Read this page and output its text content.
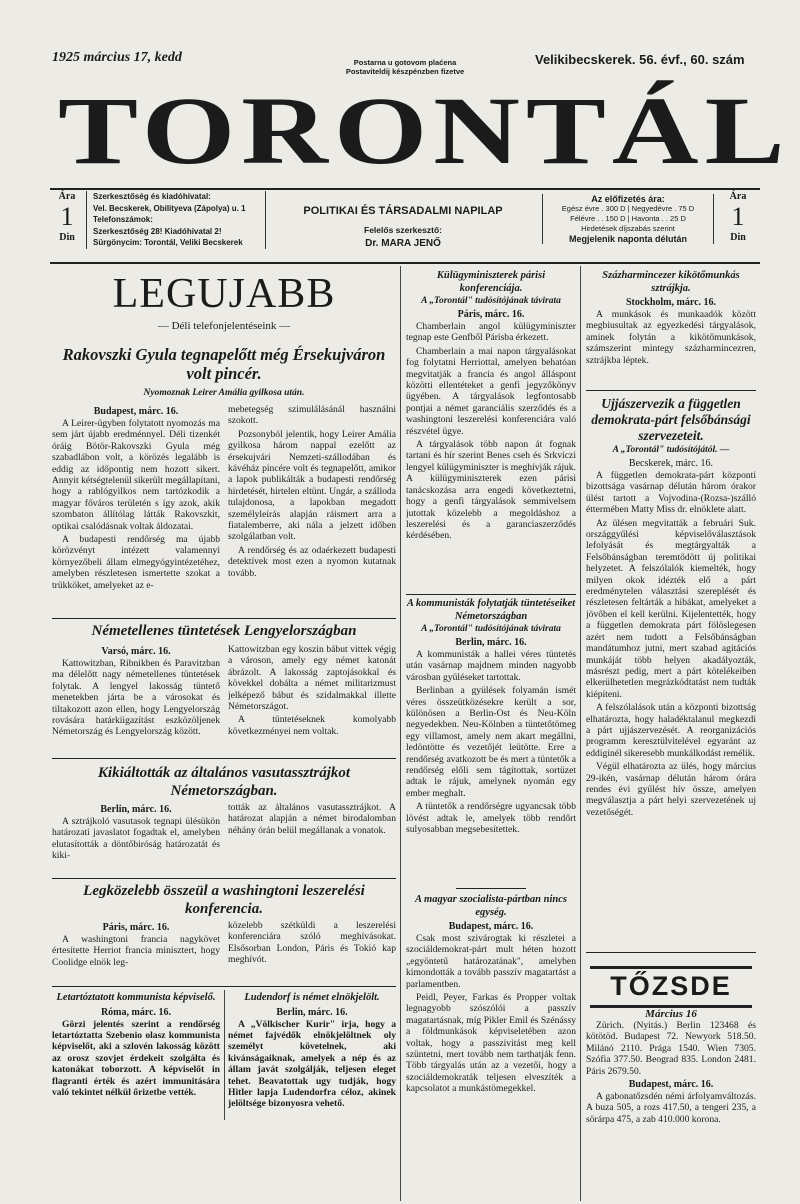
1925 március 17, kedd	Postarna u gotovom plaćena
Postaviteldij készpénzben fizetve
Velikibecskerek. 56. évf., 60. szám
TORONTÁL
Ára
1
Din
Szerkesztőség és kiadóhivatal:
Vel. Becskerek, Obilityeva (Zápolya) u. 1
Telefonszámok:
Szerkesztőség 28! Kiadóhivatal 2!
Sürgönycim: Torontál, Veliki Becskerek
POLITIKAI ÉS TÁRSADALMI NAPILAP
Felelős szerkesztő:
Dr. MARA JENŐ
Az előfizetés ára:
Egész évre . 300 D | Negyedévre . 75 D
Félévre . . 150 D | Havonta . . 25 D
Hirdetések díjszabás szerint
Megjelenik naponta délután
Ára
1
Din
LEGUJABB
— Déli telefonjelentéseink —
Rakovszki Gyula tegnapelőtt még Érsekujváron volt pincér.
Nyomoznak Leirer Amália gyilkosa után.
Budapest, márc. 16.

A Leirer-ügyben folytatott nyomozás ma sem járt újabb eredménnyel. Déli tizenkét óráig Bötör-Rakovszki Gyula még szabadlábon volt, a körözés legalább is eddig az időpontig nem hozott sikert. Annyit kétségtelenül sikerült megállapítani, hogy a rablógyilkos nem tartózkodik a magyar főváros területén s így azok, akik szombaton állítólag látták Rakovszkit, optikai csalódásnak voltak áldozatai.

A budapesti rendőrség ma újabb körözvényt intézett valamennyi környezőbeli állam elmegyógyintézetéhez, amelyben részletesen ismertette szokat a trükköket, amelyeket az e-

mebetegség szimulálásánál használni szokott.

Pozsonyból jelentik, hogy Leirer Amália gyilkosa három nappal ezelőtt az érsekujvári Nemzeti-szállodában és kávéház pincére volt és tegnapelőtt, amikor a lapok publikálták a budapesti rendőrség hirdetését, hirtelen eltünt. Ungár, a szálloda tulajdonosa, a lapokban megadott személyleírás alapján ráismert arra a fiatalemberre, aki nála a jelzett időben szolgálatban volt.

A rendőrség és az odaérkezett budapesti detektívek most ezen a nyomon kutatnak tovább.

Németellenes tüntetések Lengyelországban
Varsó, márc. 16.

Kattowitzban, Ribnikben és Paravitzban ma délelőtt nagy németellenes tüntetések folytak. A lengyel lakosság tüntető menetekben járta be a városokat és tiltakozott azon ellen, hogy Lengyelország rovására határkiigazítást eszközöljenek Németország és Lengyelország között.

Kattowitzban egy koszin bábut vittek végig a városon, amely egy német katonát ábrázolt. A lakosság zaptojásokkal és kövekkel dobálta a német militarizmust jelképező bábut és szidalmakkal illette Németországot.

A tüntetéseknek komolyabb következményei nem voltak.

Kikiáltották az általános vasutassztrájkot Németországban.
Berlin, márc. 16.

A sztrájkoló vasutasok tegnapi ülésükön határozati javaslatot fogadtak el, amelyben elutasították a döntőbiróság határozatát és kiki-

tották az általános vasutassztrájkot. A határozat alapján a német birodalomban néhány órán belül megállanak a vonatok.

Legközelebb összeül a washingtoni leszerelési konferencia.
Páris, márc. 16.

A washingtoni francia nagykövet értesítette Herriot francia minisztert, hogy Coolidge elnök leg-

közelebb szétküldi a leszerelési konferenciára szóló meghívásokat. Elsősorban London, Páris és Tokió kap meghívót.

Letartóztatott kommunista képviselő.
Róma, márc. 16.

Görzi jelentés szerint a rendőrség letartóztatta Szebenio olasz kommunista képviselőt, aki a szlovén lakosság között az orosz szovjet érdekeit szolgálta és katonákat toborzott. A képviselőt in flagranti érték és azért immunitására való tekintet nélkül őrizetbe vették.

Ludendorf is német elnökjelölt.
Berlin, márc. 16.

A „Völkischer Kurir" irja, hogy a német fajvédők elnökjelöltnek oly személyt követelnek, aki kivánságaiknak, amelyek a nép és az állam javát szolgálják, teljesen eleget tehet. Beavatottak ugy tudják, hogy Hitler lapja Ludendorfra céloz, akinek jelöltsége bizonyosra vehető.

Külügyminiszterek párisi konferenciája.
A „Torontál" tudósítójának távirata
Páris, márc. 16.

Chamberlain angol külügyminiszter tegnap este Genfből Párisba érkezett.

Chamberlain a mai napon tárgyalásokat fog folytatni Herriottal, amelyen behatóan megvitatják a francia és angol álláspont közötti ellentéteket a genfi jegyzőkönyv ügyében. A tárgyalások legfontosabb pontjai a német garanciális szerződés és a washingtoni leszerelési konferenciára való részvétel ügye.

A tárgyalások több napon át fognak tartani és hír szerint Benes cseh és Srkviczi lengyel külügyminiszter is meghívják rájuk. A külügyminiszterek ezen párisi tanácskozása arra engedi következtetni, hogy a genfi tárgyalások semmivelsem jutottak közelebb a megoldáshoz a leszerelési és a garanciaszerződés kérdésében.

A kommunisták folytatják tüntetéseiket Németországban
A „Torontál" tudósítójának távirata
Berlin, márc. 16.

A kommunisták a hallei véres tüntetés után vasárnap majdnem minden nagyobb városban gyüléseket tartottak.

Berlinban a gyülések folyamán ismét véres összeütközésekre került a sor, különösen a Berlin-Ost és Neu-Köln negyedekben. Neu-Kölnben a tüntetőtömeg egy villamost, amely nem akart megállni, ledöntötte és vezetőjét leütötte. Erre a rendőrség avatkozott be és mert a tüntetők a rendőrség előli sem tágítottak, sortüzet adtak le rájuk, amelynek nyomán egy ember meghalt.

A tüntetők a rendőrségre ugyancsak több lövést adtak le, amelyek több rendőrt sulyosabban megsebesítettek.

A magyar szocialista-pártban nincs egység.
Budapest, márc. 16.

Csak most szivárogtak ki részletei a szociáldemokrat-párt mult héten hozott „egyöntetű határozatának", amelyben kimondották a tovább passzív magatartást a parlamentben.

Peidl, Peyer, Farkas és Propper voltak legnagyobb szószólói a passzív magatartásnak, míg Pikler Emil és Szénássy a földmunkások képviseletében azon voltak, hogy a passzivitást meg kell szüntetni, mert tovább nem tarthatják fenn. Több tárgyalás után az a vezetői, hogy a szociáldemokraták teljesen elveszíték a kapcsolatot a munkástömegekkel.

Százharmincezer kikötőmunkás sztrájkja.
Stockholm, márc. 16.

A munkások és munkaadók között megbiusultak az egyezkedési tárgyalások, aminek folytán a kikötőmunkások, számszerint mintegy százharmincezren, sztrájkba léptek.

Ujjászervezik a független demokrata-párt felsőbánsági szervezeteit.
A „Torontál" tudósítójától. —
Becskerek, márc. 16.

A független demokrata-párt központi bizottsága vasárnap délután három órakor ülést tartott a Vojvodina-(Rozsa-)szálló éttermében Matty Miss dr. elnöklete alatt.

Az ülésen megvitatták a februári Suk. országgyűlési képviselőválasztások lefolyását és megtárgyalták a Felsőbánságban teremtődött új politikai helyzetet. A felszólalók kiemelték, hogy milyen okok idézték elő a párt eredménytelen választási szereplését és részletesen feltárták a hibákat, amelyeket a jövőben el kell kerülni. Kijelentették, hogy a független demokrata párt fölöslegesen azért nem tudott a Felsőbánságban mandátumhoz jutni, mert szabad agitációs munkáját több helyen akadályozták, másrészt pedig, mert a párt kötelékeiben elkerülhetetlen megrázkódtatást nem tudták kiépíteni.

A felszólalások után a központi bizottság elhatározta, hogy haladéktalanul megkezdi a párt ujjászervezését. A reorganizációs programm keresztülvitelével egyaránt az eddiginél sikeresebb munkálkodást remélik.

Végül elhatározta az ülés, hogy március 29-ikén, vasárnap délután három órára rendes évi gyűlést hív össze, amelyen megválasztja a párt helyi szervezetének uj vezetőségét.

TŐZSDE
Március 16

Zürich. (Nyitás.) Berlin 123468 és kötötöd. Budapest 72. Newyork 518.50. Milánó 2110. Prága 1540. Wien 7305. Szófia 377.50. Beograd 835. London 2481. Páris 2679.50.

Budapest, márc. 16.

A gabonatőzsdén némi árfolyamváltozás. A buza 505, a rozs 417.50, a tengeri 235, a sörárpa 475, a zab 410.000 korona.
